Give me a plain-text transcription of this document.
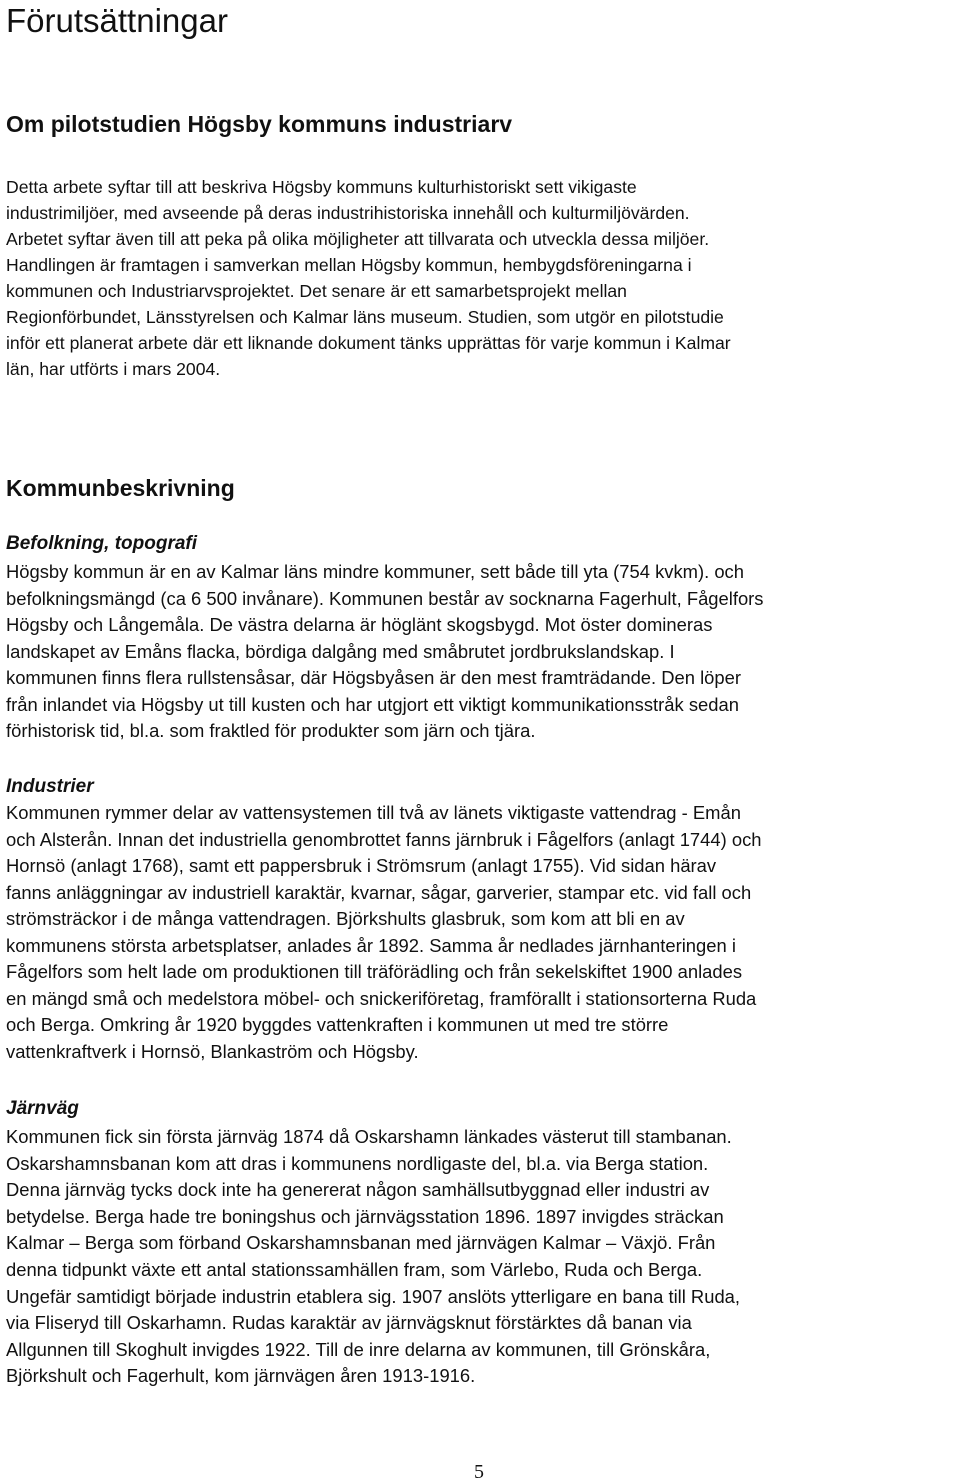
Förutsättningar
Om pilotstudien Högsby kommuns industriarv
Detta arbete syftar till att beskriva Högsby kommuns kulturhistoriskt sett vikigaste
industrimiljöer, med avseende på deras industrihistoriska innehåll och kulturmiljövärden.
Arbetet syftar även till att peka på olika möjligheter att tillvarata och utveckla dessa miljöer.
Handlingen är framtagen i samverkan mellan Högsby kommun, hembygdsföreningarna i
kommunen och Industriarvsprojektet. Det senare är ett samarbetsprojekt mellan
Regionförbundet, Länsstyrelsen och Kalmar läns museum. Studien, som utgör en pilotstudie
inför ett planerat arbete där ett liknande dokument tänks upprättas för varje kommun i Kalmar
län, har utförts i mars 2004.
Kommunbeskrivning
Befolkning, topografi
Högsby kommun är en av Kalmar läns mindre kommuner, sett både till yta (754 kvkm). och
befolkningsmängd (ca 6 500 invånare). Kommunen består av socknarna Fagerhult, Fågelfors
Högsby och Långemåla. De västra delarna är höglänt skogsbygd. Mot öster domineras
landskapet av Emåns flacka, bördiga dalgång med småbrutet jordbrukslandskap. I
kommunen finns flera rullstensåsar, där Högsbyåsen är den mest framträdande. Den löper
från inlandet via Högsby ut till kusten och har utgjort ett viktigt kommunikationsstråk sedan
förhistorisk tid, bl.a. som fraktled för produkter som järn och tjära.
Industrier
Kommunen rymmer delar av vattensystemen till två av länets viktigaste vattendrag - Emån
och Alsterån. Innan det industriella genombrottet fanns järnbruk i Fågelfors (anlagt 1744) och
Hornsö (anlagt 1768), samt ett pappersbruk i Strömsrum (anlagt 1755). Vid sidan härav
fanns anläggningar av industriell karaktär, kvarnar, sågar, garverier, stampar etc. vid fall och
strömsträckor i de många vattendragen. Björkshults glasbruk, som kom att bli en av
kommunens största arbetsplatser, anlades år 1892. Samma år nedlades järnhanteringen i
Fågelfors som helt lade om produktionen till träförädling och från sekelskiftet 1900 anlades
en mängd små och medelstora möbel- och snickeriföretag, framförallt i stationsorterna Ruda
och Berga. Omkring år 1920 byggdes vattenkraften i kommunen ut med tre större
vattenkraftverk i Hornsö, Blankaström och Högsby.
Järnväg
Kommunen fick sin första järnväg 1874 då Oskarshamn länkades västerut till stambanan.
Oskarshamnsbanan kom att dras i kommunens nordligaste del, bl.a. via Berga station.
Denna järnväg tycks dock inte ha genererat någon samhällsutbyggnad eller industri av
betydelse. Berga hade tre boningshus och järnvägsstation 1896. 1897 invigdes sträckan
Kalmar – Berga som förband Oskarshamnsbanan med järnvägen Kalmar – Växjö. Från
denna tidpunkt växte ett antal stationssamhällen fram, som Värlebo, Ruda och Berga.
Ungefär samtidigt började industrin etablera sig. 1907 anslöts ytterligare en bana till Ruda,
via Fliseryd till Oskarhamn. Rudas karaktär av järnvägsknut förstärktes då banan via
Allgunnen till Skoghult invigdes 1922. Till de inre delarna av kommunen, till Grönskåra,
Björkshult och Fagerhult, kom järnvägen åren 1913-1916.
5
